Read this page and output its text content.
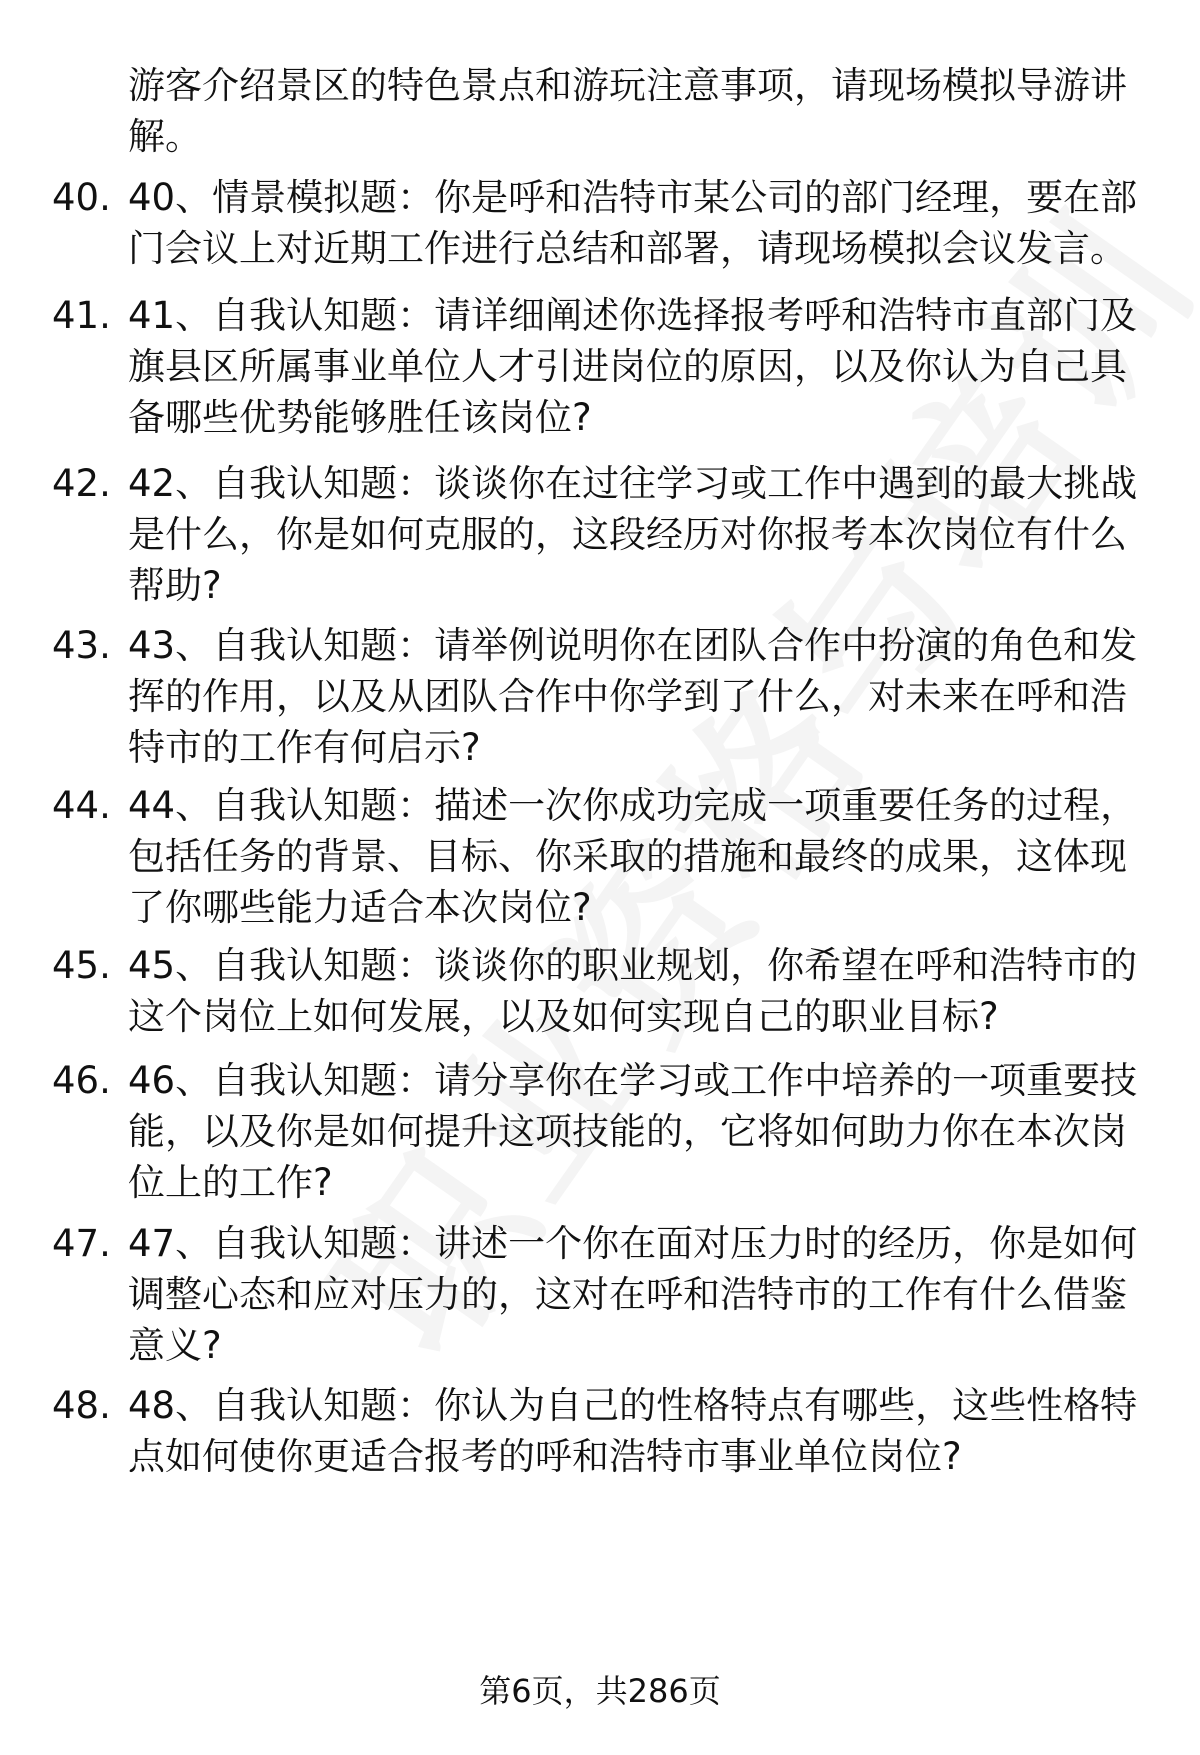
游客介绍景区的特色景点和游玩注意事项，请现场模拟导游讲解。
40. 40、情景模拟题：你是呼和浩特市某公司的部门经理，要在部门会议上对近期工作进行总结和部署，请现场模拟会议发言。
41. 41、自我认知题：请详细阐述你选择报考呼和浩特市直部门及旗县区所属事业单位人才引进岗位的原因，以及你认为自己具备哪些优势能够胜任该岗位?
42. 42、自我认知题：谈谈你在过往学习或工作中遇到的最大挑战是什么，你是如何克服的，这段经历对你报考本次岗位有什么帮助?
43. 43、自我认知题：请举例说明你在团队合作中扮演的角色和发挥的作用，以及从团队合作中你学到了什么，对未来在呼和浩特市的工作有何启示?
44. 44、自我认知题：描述一次你成功完成一项重要任务的过程，包括任务的背景、目标、你采取的措施和最终的成果，这体现了你哪些能力适合本次岗位?
45. 45、自我认知题：谈谈你的职业规划，你希望在呼和浩特市的这个岗位上如何发展，以及如何实现自己的职业目标?
46. 46、自我认知题：请分享你在学习或工作中培养的一项重要技能，以及你是如何提升这项技能的，它将如何助力你在本次岗位上的工作?
47. 47、自我认知题：讲述一个你在面对压力时的经历，你是如何调整心态和应对压力的，这对在呼和浩特市的工作有什么借鉴意义?
48. 48、自我认知题：你认为自己的性格特点有哪些，这些性格特点如何使你更适合报考的呼和浩特市事业单位岗位?
第6页，共286页
